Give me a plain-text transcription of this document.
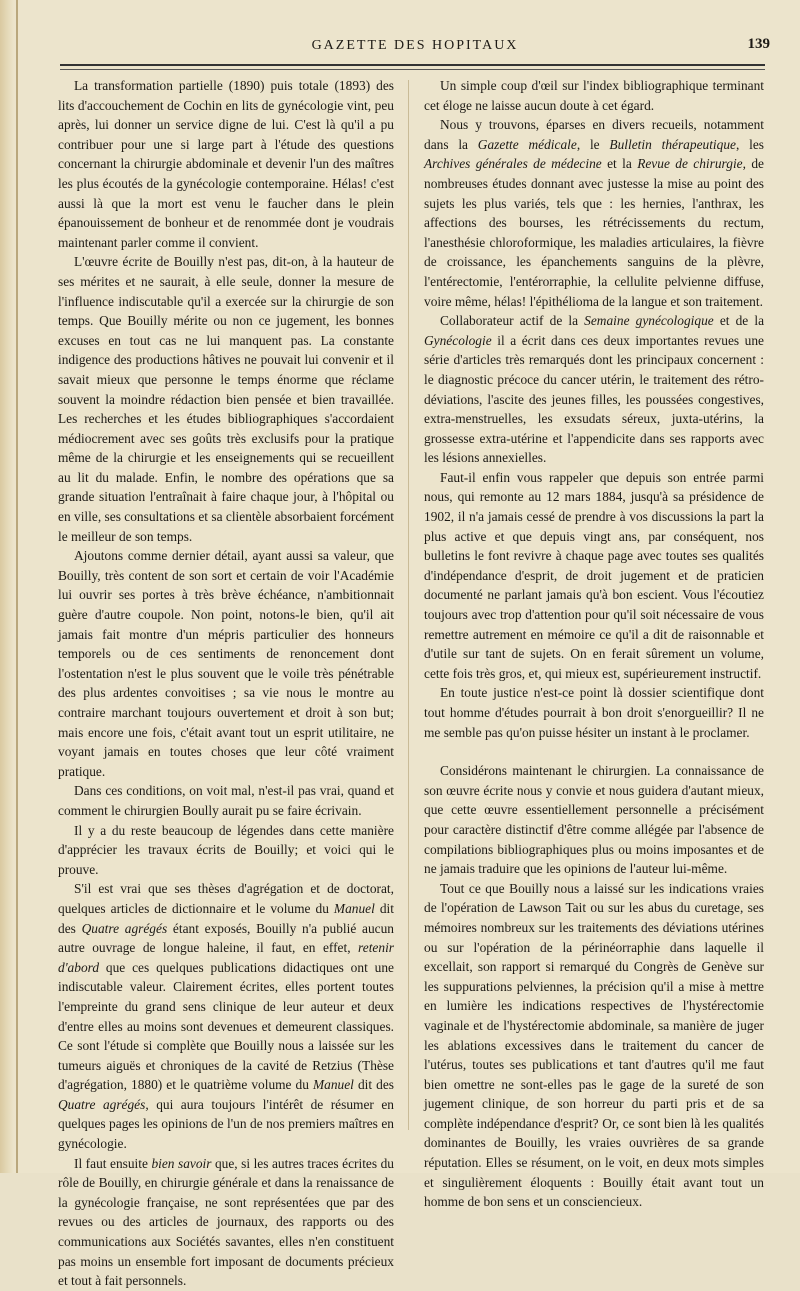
GAZETTE DES HOPITAUX	139

La transformation partielle (1890) puis totale (1893) des lits d'accouchement de Cochin en lits de gynécologie vint, peu après, lui donner un service digne de lui. C'est là qu'il a pu contribuer pour une si large part à l'étude des questions concernant la chirurgie abdominale et devenir l'un des maîtres les plus écoutés de la gynécologie contemporaine. Hélas! c'est aussi là que la mort est venu le faucher dans le plein épanouissement de bonheur et de renommée dont je voudrais maintenant parler comme il convient.

L'œuvre écrite de Bouilly n'est pas, dit-on, à la hauteur de ses mérites et ne saurait, à elle seule, donner la mesure de l'influence indiscutable qu'il a exercée sur la chirurgie de son temps. Que Bouilly mérite ou non ce jugement, les bonnes excuses en tout cas ne lui manquent pas. La constante indigence des productions hâtives ne pouvait lui convenir et il savait mieux que personne le temps énorme que réclame souvent la moindre rédaction bien pensée et bien travaillée. Les recherches et les études bibliographiques s'accordaient médiocrement avec ses goûts très exclusifs pour la pratique même de la chirurgie et les enseignements qui se recueillent au lit du malade. Enfin, le nombre des opérations que sa grande situation l'entraînait à faire chaque jour, à l'hôpital ou en ville, ses consultations et sa clientèle absorbaient forcément le meilleur de son temps.

Ajoutons comme dernier détail, ayant aussi sa valeur, que Bouilly, très content de son sort et certain de voir l'Académie lui ouvrir ses portes à très brève échéance, n'ambitionnait guère d'autre coupole. Non point, notons-le bien, qu'il ait jamais fait montre d'un mépris particulier des honneurs temporels ou de ces sentiments de renoncement dont l'ostentation n'est le plus souvent que le voile très pénétrable des plus ardentes convoitises ; sa vie nous le montre au contraire marchant toujours ouvertement et droit à son but; mais encore une fois, c'était avant tout un esprit utilitaire, ne voyant jamais en toutes choses que leur côté vraiment pratique.

Dans ces conditions, on voit mal, n'est-il pas vrai, quand et comment le chirurgien Boully aurait pu se faire écrivain.

Il y a du reste beaucoup de légendes dans cette manière d'apprécier les travaux écrits de Bouilly; et voici qui le prouve.

S'il est vrai que ses thèses d'agrégation et de doctorat, quelques articles de dictionnaire et le volume du Manuel dit des Quatre agrégés étant exposés, Bouilly n'a publié aucun autre ouvrage de longue haleine, il faut, en effet, retenir d'abord que ces quelques publications didactiques ont une indiscutable valeur. Clairement écrites, elles portent toutes l'empreinte du grand sens clinique de leur auteur et deux d'entre elles au moins sont devenues et demeurent classiques. Ce sont l'étude si complète que Bouilly nous a laissée sur les tumeurs aiguës et chroniques de la cavité de Retzius (Thèse d'agrégation, 1880) et le quatrième volume du Manuel dit des Quatre agrégés, qui aura toujours l'intérêt de résumer en quelques pages les opinions de l'un de nos premiers maîtres en gynécologie.

Il faut ensuite bien savoir que, si les autres traces écrites du rôle de Bouilly, en chirurgie générale et dans la renaissance de la gynécologie française, ne sont représentées que par des revues ou des articles de journaux, des rapports ou des communications aux Sociétés savantes, elles n'en constituent pas moins un ensemble fort imposant de documents précieux et tout à fait personnels.

Un simple coup d'œil sur l'index bibliographique terminant cet éloge ne laisse aucun doute à cet égard.

Nous y trouvons, éparses en divers recueils, notamment dans la Gazette médicale, le Bulletin thérapeutique, les Archives générales de médecine et la Revue de chirurgie, de nombreuses études donnant avec justesse la mise au point des sujets les plus variés, tels que : les hernies, l'anthrax, les affections des bourses, les rétrécissements du rectum, l'anesthésie chloroformique, les maladies articulaires, la fièvre de croissance, les épanchements sanguins de la plèvre, l'entérectomie, l'entérorraphie, la cellulite pelvienne diffuse, voire même, hélas! l'épithélioma de la langue et son traitement.

Collaborateur actif de la Semaine gynécologique et de la Gynécologie il a écrit dans ces deux importantes revues une série d'articles très remarqués dont les principaux concernent : le diagnostic précoce du cancer utérin, le traitement des rétro-déviations, l'ascite des jeunes filles, les poussées congestives, extra-menstruelles, les exsudats séreux, juxta-utérins, la grossesse extra-utérine et l'appendicite dans ses rapports avec les lésions annexielles.

Faut-il enfin vous rappeler que depuis son entrée parmi nous, qui remonte au 12 mars 1884, jusqu'à sa présidence de 1902, il n'a jamais cessé de prendre à vos discussions la part la plus active et que depuis vingt ans, par conséquent, nos bulletins le font revivre à chaque page avec toutes ses qualités d'indépendance d'esprit, de droit jugement et de praticien documenté ne parlant jamais qu'à bon escient. Vous l'écoutiez toujours avec trop d'attention pour qu'il soit nécessaire de vous remettre autrement en mémoire ce qu'il a dit de raisonnable et d'utile sur tant de sujets. On en ferait sûrement un volume, cette fois très gros, et, qui mieux est, supérieurement instructif.

En toute justice n'est-ce point là dossier scientifique dont tout homme d'études pourrait à bon droit s'enorgueillir? Il ne me semble pas qu'on puisse hésiter un instant à le proclamer.

Considérons maintenant le chirurgien. La connaissance de son œuvre écrite nous y convie et nous guidera d'autant mieux, que cette œuvre essentiellement personnelle a précisément pour caractère distinctif d'être comme allégée par l'absence de compilations bibliographiques plus ou moins imposantes et de ne jamais traduire que les opinions de l'auteur lui-même.

Tout ce que Bouilly nous a laissé sur les indications vraies de l'opération de Lawson Tait ou sur les abus du curetage, ses mémoires nombreux sur les traitements des déviations utérines ou sur l'opération de la périnéorraphie dans laquelle il excellait, son rapport si remarqué du Congrès de Genève sur les suppurations pelviennes, la précision qu'il a mise à mettre en lumière les indications respectives de l'hystérectomie vaginale et de l'hystérectomie abdominale, sa manière de juger les ablations excessives dans le traitement du cancer de l'utérus, toutes ses publications et tant d'autres qu'il me faut bien omettre ne sont-elles pas le gage de la sureté de son jugement clinique, de son horreur du parti pris et de sa complète indépendance d'esprit? Or, ce sont bien là les qualités dominantes de Bouilly, les vraies ouvrières de sa grande réputation. Elles se résument, on le voit, en deux mots simples et singulièrement éloquents : Bouilly était avant tout un homme de bon sens et un consciencieux.
